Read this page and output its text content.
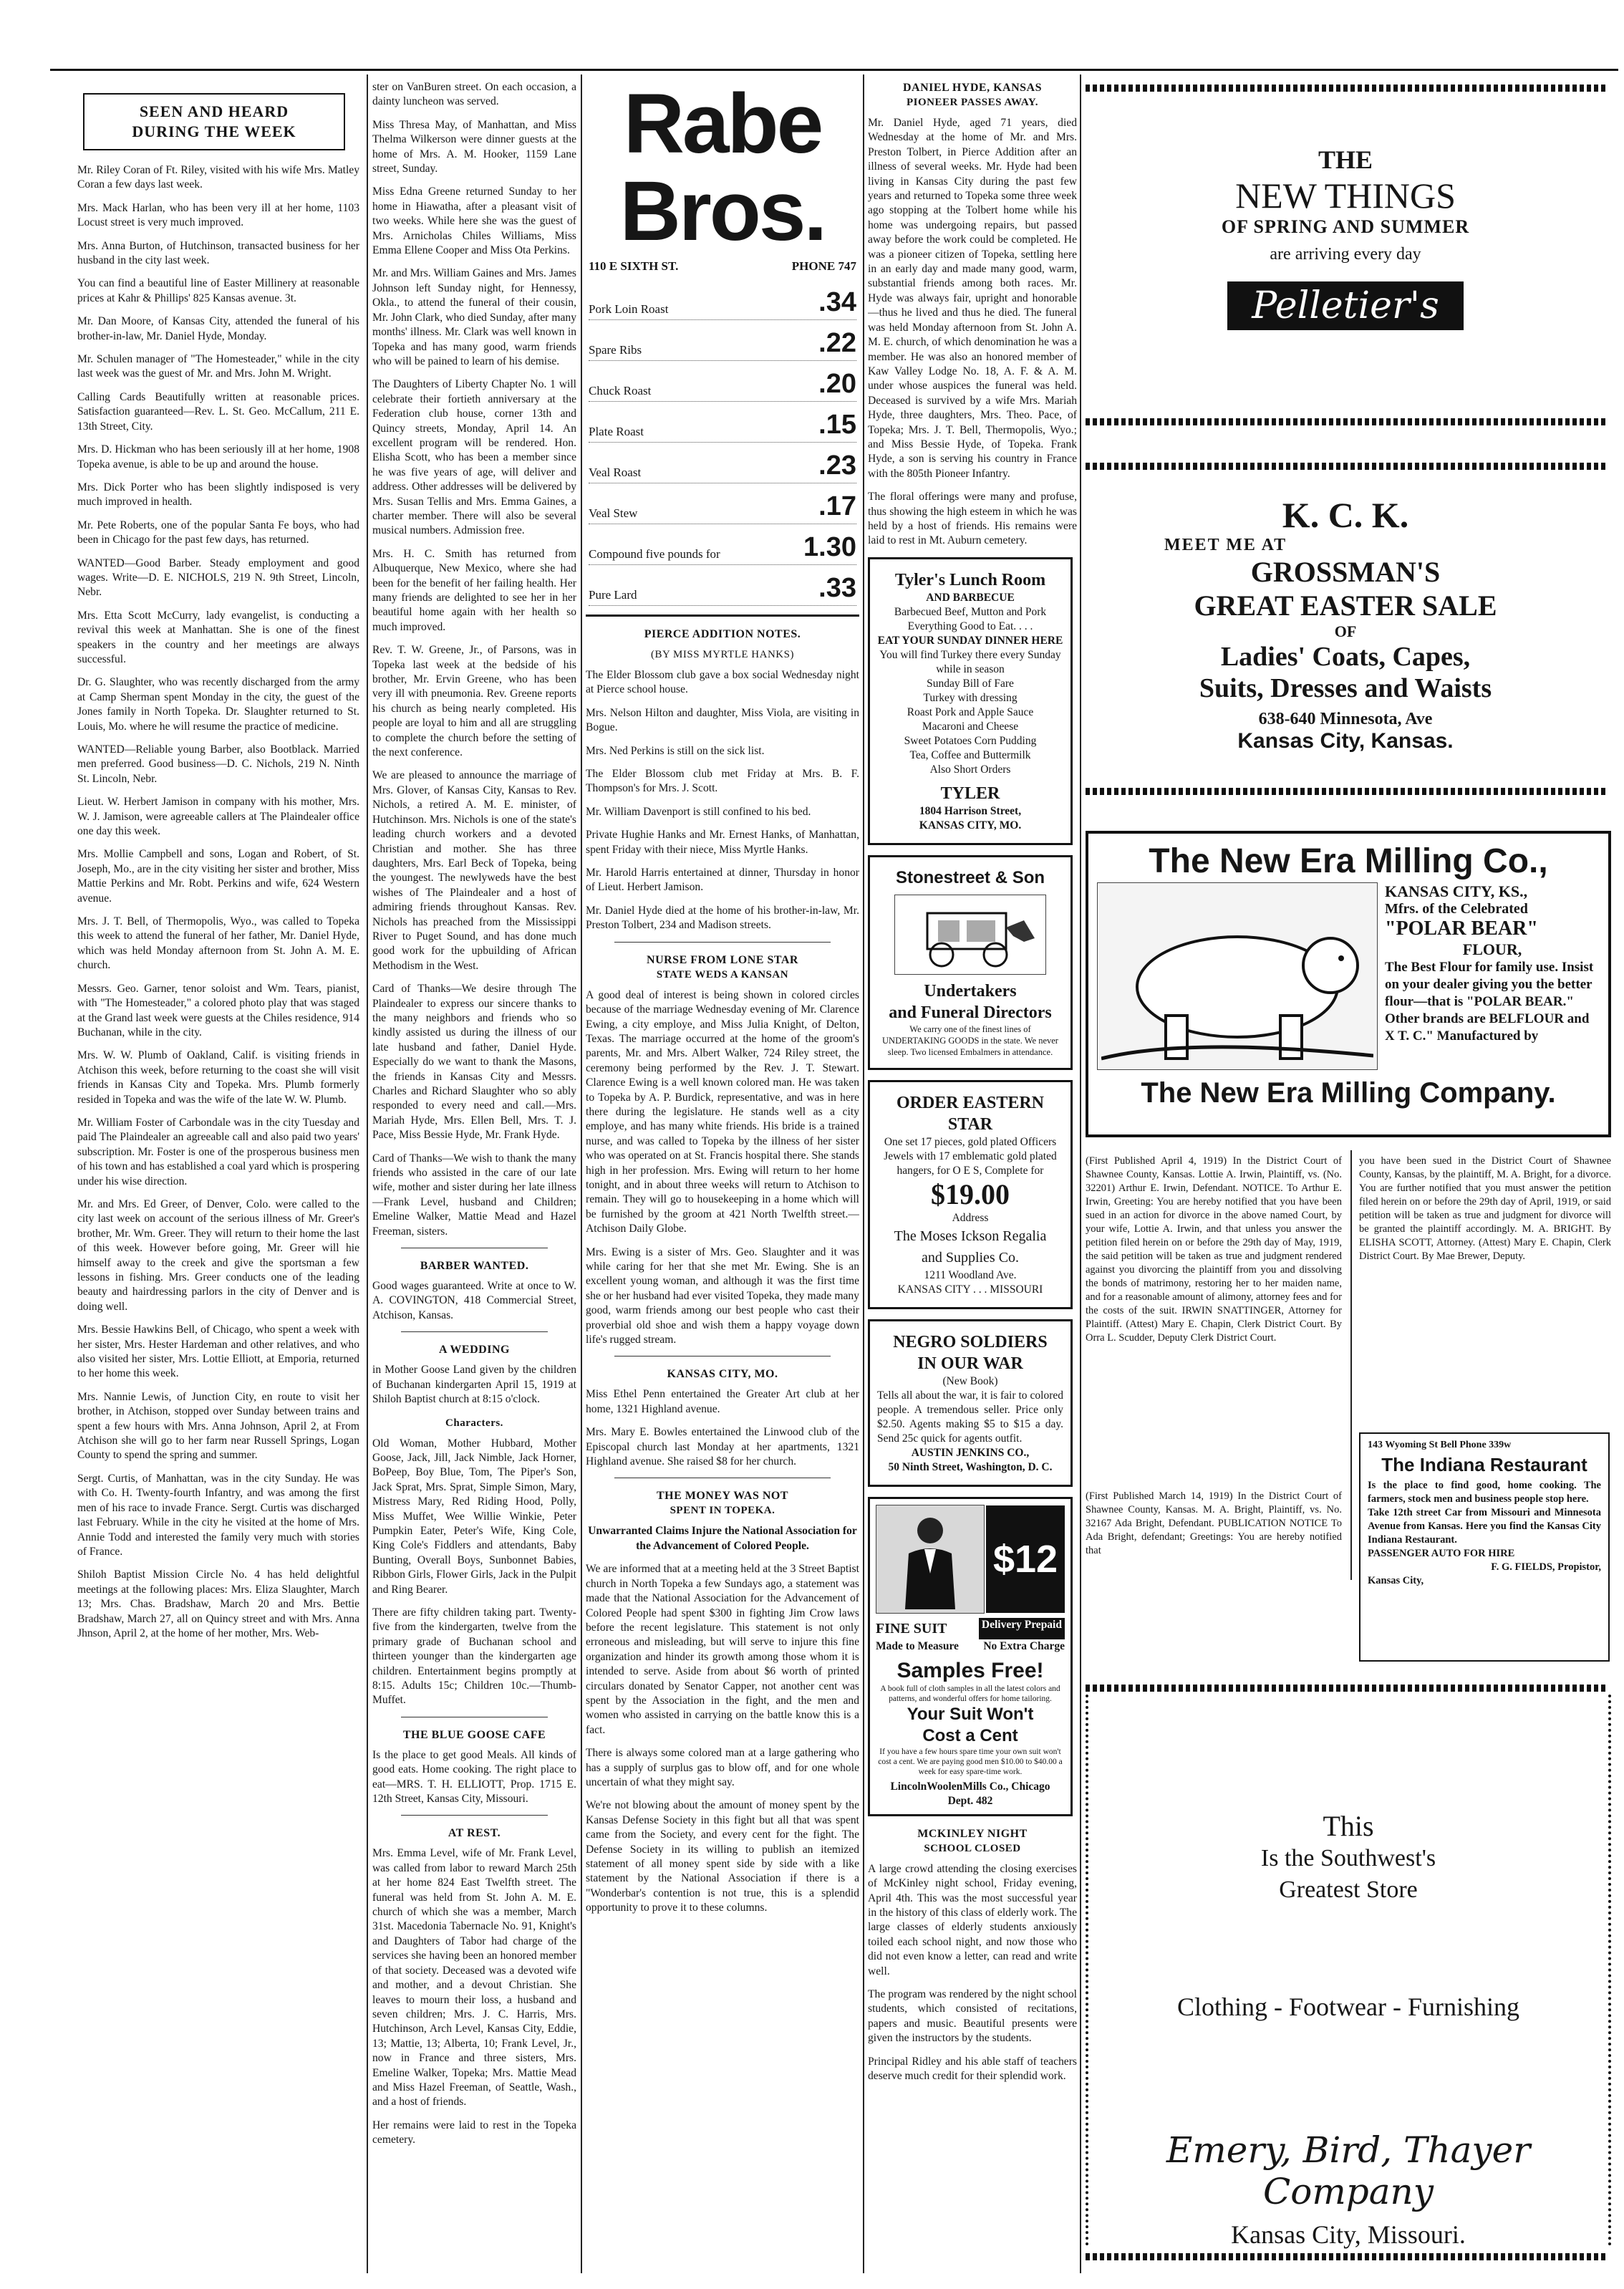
SEEN AND HEARD
DURING THE WEEK

Mr. Riley Coran of Ft. Riley, visited with his wife Mrs. Matley Coran a few days last week.

Mrs. Mack Harlan, who has been very ill at her home, 1103 Locust street is very much improved.

Mrs. Anna Burton, of Hutchinson, transacted business for her husband in the city last week.

You can find a beautiful line of Easter Millinery at reasonable prices at Kahr & Phillips' 825 Kansas avenue. 3t.

Mr. Dan Moore, of Kansas City, attended the funeral of his brother-in-law, Mr. Daniel Hyde, Monday.

Mr. Schulen manager of "The Homesteader," while in the city last week was the guest of Mr. and Mrs. John M. Wright.

Calling Cards Beautifully written at reasonable prices. Satisfaction guaranteed—Rev. L. St. Geo. McCallum, 211 E. 13th Street, City.

Mrs. D. Hickman who has been seriously ill at her home, 1908 Topeka avenue, is able to be up and around the house.

Mrs. Dick Porter who has been slightly indisposed is very much improved in health.

Mr. Pete Roberts, one of the popular Santa Fe boys, who had been in Chicago for the past few days, has returned.

WANTED—Good Barber. Steady employment and good wages. Write—D. E. NICHOLS, 219 N. 9th Street, Lincoln, Nebr.

Mrs. Etta Scott McCurry, lady evangelist, is conducting a revival this week at Manhattan. She is one of the finest speakers in the country and her meetings are always successful.

Dr. G. Slaughter, who was recently discharged from the army at Camp Sherman spent Monday in the city, the guest of the Jones family in North Topeka. Dr. Slaughter returned to St. Louis, Mo. where he will resume the practice of medicine.

WANTED—Reliable young Barber, also Bootblack. Married men preferred. Good business—D. C. Nichols, 219 N. Ninth St. Lincoln, Nebr.

Lieut. W. Herbert Jamison in company with his mother, Mrs. W. J. Jamison, were agreeable callers at The Plaindealer office one day this week.

Mrs. Mollie Campbell and sons, Logan and Robert, of St. Joseph, Mo., are in the city visiting her sister and brother, Miss Mattie Perkins and Mr. Robt. Perkins and wife, 624 Western avenue.

Mrs. J. T. Bell, of Thermopolis, Wyo., was called to Topeka this week to attend the funeral of her father, Mr. Daniel Hyde, which was held Monday afternoon from St. John A. M. E. church.

Messrs. Geo. Garner, tenor soloist and Wm. Tears, pianist, with "The Homesteader," a colored photo play that was staged at the Grand last week were guests at the Chiles residence, 914 Buchanan, while in the city.

Mrs. W. W. Plumb of Oakland, Calif. is visiting friends in Atchison this week, before returning to the coast she will visit friends in Kansas City and Topeka. Mrs. Plumb formerly resided in Topeka and was the wife of the late W. W. Plumb.

Mr. William Foster of Carbondale was in the city Tuesday and paid The Plaindealer an agreeable call and also paid two years' subscription. Mr. Foster is one of the prosperous business men of his town and has established a coal yard which is prospering under his wise direction.

Mr. and Mrs. Ed Greer, of Denver, Colo. were called to the city last week on account of the serious illness of Mr. Greer's brother, Mr. Wm. Greer. They will return to their home the last of this week. However before going, Mr. Greer will hie himself away to the creek and give the sportsman a few lessons in fishing. Mrs. Greer conducts one of the leading beauty and hairdressing parlors in the city of Denver and is doing well.

Mrs. Bessie Hawkins Bell, of Chicago, who spent a week with her sister, Mrs. Hester Hardeman and other relatives, and who also visited her sister, Mrs. Lottie Elliott, at Emporia, returned to her home this week.

Mrs. Nannie Lewis, of Junction City, en route to visit her brother, in Atchison, stopped over Sunday between trains and spent a few hours with Mrs. Anna Johnson, April 2, at From Atchison she will go to her farm near Russell Springs, Logan County to spend the spring and summer.

Sergt. Curtis, of Manhattan, was in the city Sunday. He was with Co. H. Twenty-fourth Infantry, and was among the first men of his race to invade France. Sergt. Curtis was discharged last February. While in the city he visited at the home of Mrs. Annie Todd and interested the family very much with stories of France.

Shiloh Baptist Mission Circle No. 4 has held delightful meetings at the following places: Mrs. Eliza Slaughter, March 13; Mrs. Chas. Bradshaw, March 20 and Mrs. Bettie Bradshaw, March 27, all on Quincy street and with Mrs. Anna Jhnson, April 2, at the home of her mother, Mrs. Web-

ster on VanBuren street. On each occasion, a dainty luncheon was served.

Miss Thresa May, of Manhattan, and Miss Thelma Wilkerson were dinner guests at the home of Mrs. A. M. Hooker, 1159 Lane street, Sunday.

Miss Edna Greene returned Sunday to her home in Hiawatha, after a pleasant visit of two weeks. While here she was the guest of Mrs. Arnicholas Chiles Williams, Miss Emma Ellene Cooper and Miss Ota Perkins.

Mr. and Mrs. William Gaines and Mrs. James Johnson left Sunday night, for Hennessy, Okla., to attend the funeral of their cousin, Mr. John Clark, who died Sunday, after many months' illness. Mr. Clark was well known in Topeka and has many good, warm friends who will be pained to learn of his demise.

The Daughters of Liberty Chapter No. 1 will celebrate their fortieth anniversary at the Federation club house, corner 13th and Quincy streets, Monday, April 14. An excellent program will be rendered. Hon. Elisha Scott, who has been a member since he was five years of age, will deliver and address. Other addresses will be delivered by Mrs. Susan Tellis and Mrs. Emma Gaines, a charter member. There will also be several musical numbers. Admission free.

Mrs. H. C. Smith has returned from Albuquerque, New Mexico, where she had been for the benefit of her failing health. Her many friends are delighted to see her in her beautiful home again with her health so much improved.

Rev. T. W. Greene, Jr., of Parsons, was in Topeka last week at the bedside of his brother, Mr. Ervin Greene, who has been very ill with pneumonia. Rev. Greene reports his church as being nearly completed. His people are loyal to him and all are struggling to complete the church before the setting of the next conference.

We are pleased to announce the marriage of Mrs. Glover, of Kansas City, Kansas to Rev. Nichols, a retired A. M. E. minister, of Hutchinson. Mrs. Nichols is one of the state's leading church workers and a devoted Christian and mother. She has three daughters, Mrs. Earl Beck of Topeka, being the youngest. The newlyweds have the best wishes of The Plaindealer and a host of admiring friends throughout Kansas. Rev. Nichols has preached from the Mississippi River to Puget Sound, and has done much good work for the upbuilding of African Methodism in the West.

Card of Thanks—We desire through The Plaindealer to express our sincere thanks to the many neighbors and friends who so kindly assisted us during the illness of our late husband and father, Daniel Hyde. Especially do we want to thank the Masons, the friends in Kansas City and Messrs. Charles and Richard Slaughter who so ably responded to every need and call.—Mrs. Mariah Hyde, Mrs. Ellen Bell, Mrs. T. J. Pace, Miss Bessie Hyde, Mr. Frank Hyde.

Card of Thanks—We wish to thank the many friends who assisted in the care of our late wife, mother and sister during her late illness—Frank Level, husband and Children; Emeline Walker, Mattie Mead and Hazel Freeman, sisters.

BARBER WANTED.

Good wages guaranteed. Write at once to W. A. COVINGTON, 418 Commercial Street, Atchison, Kansas.

A WEDDING

in Mother Goose Land given by the children of Buchanan kindergarten April 15, 1919 at Shiloh Baptist church at 8:15 o'clock.

Characters.

Old Woman, Mother Hubbard, Mother Goose, Jack, Jill, Jack Nimble, Jack Horner, BoPeep, Boy Blue, Tom, The Piper's Son, Jack Sprat, Mrs. Sprat, Simple Simon, Mary, Mistress Mary, Red Riding Hood, Polly, Miss Muffet, Wee Willie Winkie, Peter Pumpkin Eater, Peter's Wife, King Cole, King Cole's Fiddlers and attendants, Baby Bunting, Overall Boys, Sunbonnet Babies, Ribbon Girls, Flower Girls, Jack in the Pulpit and Ring Bearer.

There are fifty children taking part. Twenty-five from the kindergarten, twelve from the primary grade of Buchanan school and thirteen younger than the kindergarten age children. Entertainment begins promptly at 8:15. Adults 15c; Children 10c.—Thumb-Muffet.

THE BLUE GOOSE CAFE

Is the place to get good Meals. All kinds of good eats. Home cooking. The right place to eat—MRS. T. H. ELLIOTT, Prop. 1715 E. 12th Street, Kansas City, Missouri.

AT REST.

Mrs. Emma Level, wife of Mr. Frank Level, was called from labor to reward March 25th at her home 824 East Twelfth street. The funeral was held from St. John A. M. E. church of which she was a member, March 31st. Macedonia Tabernacle No. 91, Knight's and Daughters of Tabor had charge of the services she having been an honored member of that society. Deceased was a devoted wife and mother, and a devout Christian. She leaves to mourn their loss, a husband and seven children; Mrs. J. C. Harris, Mrs. Hutchinson, Arch Level, Kansas City, Eddie, 13; Mattie, 13; Alberta, 10; Frank Level, Jr., now in France and three sisters, Mrs. Emeline Walker, Topeka; Mrs. Mattie Mead and Miss Hazel Freeman, of Seattle, Wash., and a host of friends.

Her remains were laid to rest in the Topeka cemetery.

Rabe
Bros.
110 E SIXTH ST.	PHONE 747
Pork Loin Roast	.34
Spare Ribs	.22
Chuck Roast	.20
Plate Roast	.15
Veal Roast	.23
Veal Stew	.17
Compound five pounds for	1.30
Pure Lard	.33
PIERCE ADDITION NOTES.
(BY MISS MYRTLE HANKS)

The Elder Blossom club gave a box social Wednesday night at Pierce school house.

Mrs. Nelson Hilton and daughter, Miss Viola, are visiting in Bogue.

Mrs. Ned Perkins is still on the sick list.

The Elder Blossom club met Friday at Mrs. B. F. Thompson's for Mrs. J. Scott.

Mr. William Davenport is still confined to his bed.

Private Hughie Hanks and Mr. Ernest Hanks, of Manhattan, spent Friday with their niece, Miss Myrtle Hanks.

Mr. Harold Harris entertained at dinner, Thursday in honor of Lieut. Herbert Jamison.

Mr. Daniel Hyde died at the home of his brother-in-law, Mr. Preston Tolbert, 234 and Madison streets.

NURSE FROM LONE STAR
STATE WEDS A KANSAN

A good deal of interest is being shown in colored circles because of the marriage Wednesday evening of Mr. Clarence Ewing, a city employe, and Miss Julia Knight, of Delton, Texas. The marriage occurred at the home of the groom's parents, Mr. and Mrs. Albert Walker, 724 Riley street, the ceremony being performed by the Rev. J. T. Stewart. Clarence Ewing is a well known colored man. He was taken to Topeka by A. P. Burdick, representative, and was in here there during the legislature. He stands well as a city employe, and has many white friends. His bride is a trained nurse, and was called to Topeka by the illness of her sister who was operated on at St. Francis hospital there. She stands high in her profession. Mrs. Ewing will return to her home tonight, and in about three weeks will return to Atchison to remain. They will go to housekeeping in a home which will be furnished by the groom at 421 North Twelfth street.—Atchison Daily Globe.

Mrs. Ewing is a sister of Mrs. Geo. Slaughter and it was while caring for her that she met Mr. Ewing. She is an excellent young woman, and although it was the first time she or her husband had ever visited Topeka, they made many good, warm friends among our best people who cast their proverbial old shoe and wish them a happy voyage down life's rugged stream.

KANSAS CITY, MO.

Miss Ethel Penn entertained the Greater Art club at her home, 1321 Highland avenue.

Mrs. Mary E. Bowles entertained the Linwood club of the Episcopal church last Monday at her apartments, 1321 Highland avenue. She raised $8 for her church.

THE MONEY WAS NOT
SPENT IN TOPEKA.

Unwarranted Claims Injure the National Association for the Advancement of Colored People.

We are informed that at a meeting held at the 3 Street Baptist church in North Topeka a few Sundays ago, a statement was made that the National Association for the Advancement of Colored People had spent $300 in fighting Jim Crow laws before the recent legislature. This statement is not only erroneous and misleading, but will serve to injure this fine organization and hinder its growth among those whom it is intended to serve. Aside from about $6 worth of printed circulars donated by Senator Capper, not another cent was spent by the Association in the fight, and the men and women who assisted in carrying on the battle know this is a fact.

There is always some colored man at a large gathering who has a supply of surplus gas to blow off, and for one whole uncertain of what they might say.

We're not blowing about the amount of money spent by the Kansas Defense Society in this fight but all that was spent came from the Society, and every cent for the fight. The Defense Society in its willing to publish an itemized statement of all money spent side by side with a like statement by the National Association if there is a "Wonderbar's contention is not true, this is a splendid opportunity to prove it to these columns.

DANIEL HYDE, KANSAS
PIONEER PASSES AWAY.

Mr. Daniel Hyde, aged 71 years, died Wednesday at the home of Mr. and Mrs. Preston Tolbert, in Pierce Addition after an illness of several weeks. Mr. Hyde had been living in Kansas City during the past few years and returned to Topeka some three week ago stopping at the Tolbert home while his home was undergoing repairs, but passed away before the work could be completed. He was a pioneer citizen of Topeka, settling here in an early day and made many good, warm, substantial friends among both races. Mr. Hyde was always fair, upright and honorable—thus he lived and thus he died. The funeral was held Monday afternoon from St. John A. M. E. church, of which denomination he was a member. He was also an honored member of Kaw Valley Lodge No. 18, A. F. & A. M. under whose auspices the funeral was held. Deceased is survived by a wife Mrs. Mariah Hyde, three daughters, Mrs. Theo. Pace, of Topeka; Mrs. J. T. Bell, Thermopolis, Wyo.; and Miss Bessie Hyde, of Topeka. Frank Hyde, a son is serving his country in France with the 805th Pioneer Infantry.

The floral offerings were many and profuse, thus showing the high esteem in which he was held by a host of friends. His remains were laid to rest in Mt. Auburn cemetery.

Tyler's Lunch Room
AND BARBECUE
Barbecued Beef, Mutton and Pork
Everything Good to Eat. . . .
EAT YOUR SUNDAY DINNER HERE
You will find Turkey there every Sunday while in season
Sunday Bill of Fare
Turkey with dressing
Roast Pork and Apple Sauce
Macaroni and Cheese
Sweet Potatoes Corn Pudding
Tea, Coffee and Buttermilk
Also Short Orders
TYLER
1804 Harrison Street,
KANSAS CITY, MO.
Stonestreet & Son
Undertakers
and Funeral Directors
We carry one of the finest lines of UNDERTAKING GOODS in the state. We never sleep. Two licensed Embalmers in attendance.
ORDER EASTERN STAR
One set 17 pieces, gold plated Officers Jewels with 17 emblematic gold plated hangers, for O E S, Complete for
$19.00
Address
The Moses Ickson Regalia
and Supplies Co.
1211 Woodland Ave.
KANSAS CITY . . . MISSOURI
NEGRO SOLDIERS
IN OUR WAR
(New Book)
Tells all about the war, it is fair to colored people. A tremendous seller. Price only $2.50. Agents making $5 to $15 a day. Send 25c quick for agents outfit.
AUSTIN JENKINS CO.,
50 Ninth Street, Washington, D. C.
$12
FINE SUIT	Delivery Prepaid
Made to Measure No Extra Charge
Samples Free!
A book full of cloth samples in all the latest colors and patterns, and wonderful offers for home tailoring.
Your Suit Won't
Cost a Cent
If you have a few hours spare time your own suit won't cost a cent. We are paying good men $10.00 to $40.00 a week for easy spare-time work.
LincolnWoolenMills Co., Chicago
Dept. 482
MCKINLEY NIGHT
SCHOOL CLOSED

A large crowd attending the closing exercises of McKinley night school, Friday evening, April 4th. This was the most successful year in the history of this class of elderly work. The large classes of elderly students anxiously toiled each school night, and now those who did not even know a letter, can read and write well.

The program was rendered by the night school students, which consisted of recitations, papers and music. Beautiful presents were given the instructors by the students.

Principal Ridley and his able staff of teachers deserve much credit for their splendid work.

THE
NEW THINGS
OF SPRING AND SUMMER
are arriving every day
Pelletier's
K. C. K.
MEET ME AT
GROSSMAN'S
GREAT EASTER SALE
OF
Ladies' Coats, Capes,
Suits, Dresses and Waists
638-640 Minnesota, Ave
Kansas City, Kansas.
The New Era Milling Co.,
KANSAS CITY, KS.,
Mfrs. of the Celebrated
"POLAR BEAR"
FLOUR,
The Best Flour for family use. Insist on your dealer giving you the better flour—that is "POLAR BEAR." Other brands are BELFLOUR and X T. C." Manufactured by
The New Era Milling Company.
(First Published April 4, 1919) In the District Court of Shawnee County, Kansas. Lottie A. Irwin, Plaintiff, vs. (No. 32201) Arthur E. Irwin, Defendant. NOTICE. To Arthur E. Irwin, Greeting: You are hereby notified that you have been sued in an action for divorce in the above named Court, by your wife, Lottie A. Irwin, and that unless you answer the petition filed herein on or before the 29th day of May, 1919, the said petition will be taken as true and judgment rendered against you divorcing the plaintiff from you and dissolving the bonds of matrimony, restoring her to her maiden name, and for a reasonable amount of alimony, attorney fees and for the costs of the suit. IRWIN SNATTINGER, Attorney for Plaintiff. (Attest) Mary E. Chapin, Clerk District Court. By Orra L. Scudder, Deputy Clerk District Court.
(First Published March 14, 1919) In the District Court of Shawnee County, Kansas. M. A. Bright, Plaintiff, vs. No. 32167 Ada Bright, Defendant. PUBLICATION NOTICE To Ada Bright, defendant; Greetings: You are hereby notified that
you have been sued in the District Court of Shawnee County, Kansas, by the plaintiff, M. A. Bright, for a divorce. You are further notified that you must answer the petition filed herein on or before the 29th day of April, 1919, or said petition will be taken as true and judgment for divorce will be granted the plaintiff accordingly. M. A. BRIGHT. By ELISHA SCOTT, Attorney. (Attest) Mary E. Chapin, Clerk District Court. By Mae Brewer, Deputy.
143 Wyoming St Bell Phone 339w
The Indiana Restaurant
Is the place to find good, home cooking. The farmers, stock men and business people stop here.
Take 12th street Car from Missouri and Minnesota Avenue from Kansas. Here you find the Kansas City Indiana Restaurant.
PASSENGER AUTO FOR HIRE
F. G. FIELDS, Propistor,
Kansas City,
This
Is the Southwest's
Greatest Store
Clothing - Footwear - Furnishing
Emery, Bird, Thayer Company
Kansas City, Missouri.
